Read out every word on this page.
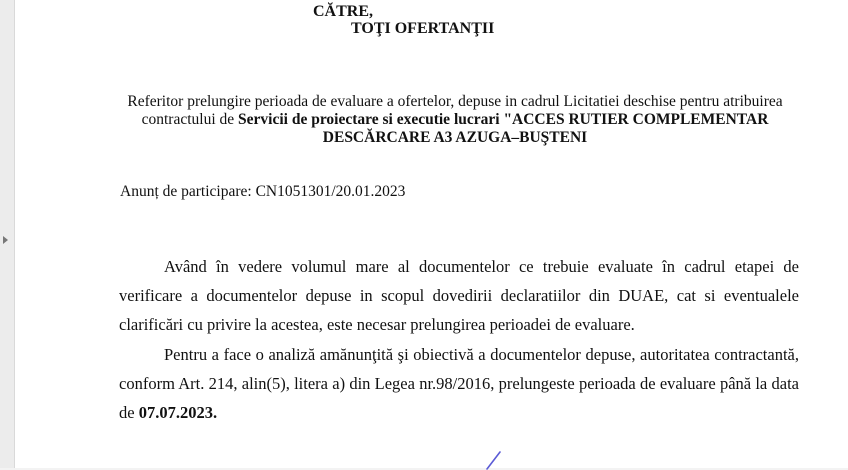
CĂTRE,
TOŢI OFERTANŢII
Referitor prelungire perioada de evaluare a ofertelor, depuse in cadrul Licitatiei deschise pentru atribuirea contractului de Servicii de proiectare si executie lucrari "ACCES RUTIER COMPLEMENTAR DESCĂRCARE A3 AZUGA–BUŞTENI
Anunț de participare: CN1051301/20.01.2023
Având în vedere volumul mare al documentelor ce trebuie evaluate în cadrul etapei de verificare a documentelor depuse in scopul dovedirii declaratiilor din DUAE, cat si eventualele clarificări cu privire la acestea, este necesar prelungirea perioadei de evaluare.
Pentru a face o analiză amănunţită şi obiectivă a documentelor depuse, autoritatea contractantă, conform Art. 214, alin(5), litera a) din Legea nr.98/2016, prelungeste perioada de evaluare până la data de 07.07.2023.
